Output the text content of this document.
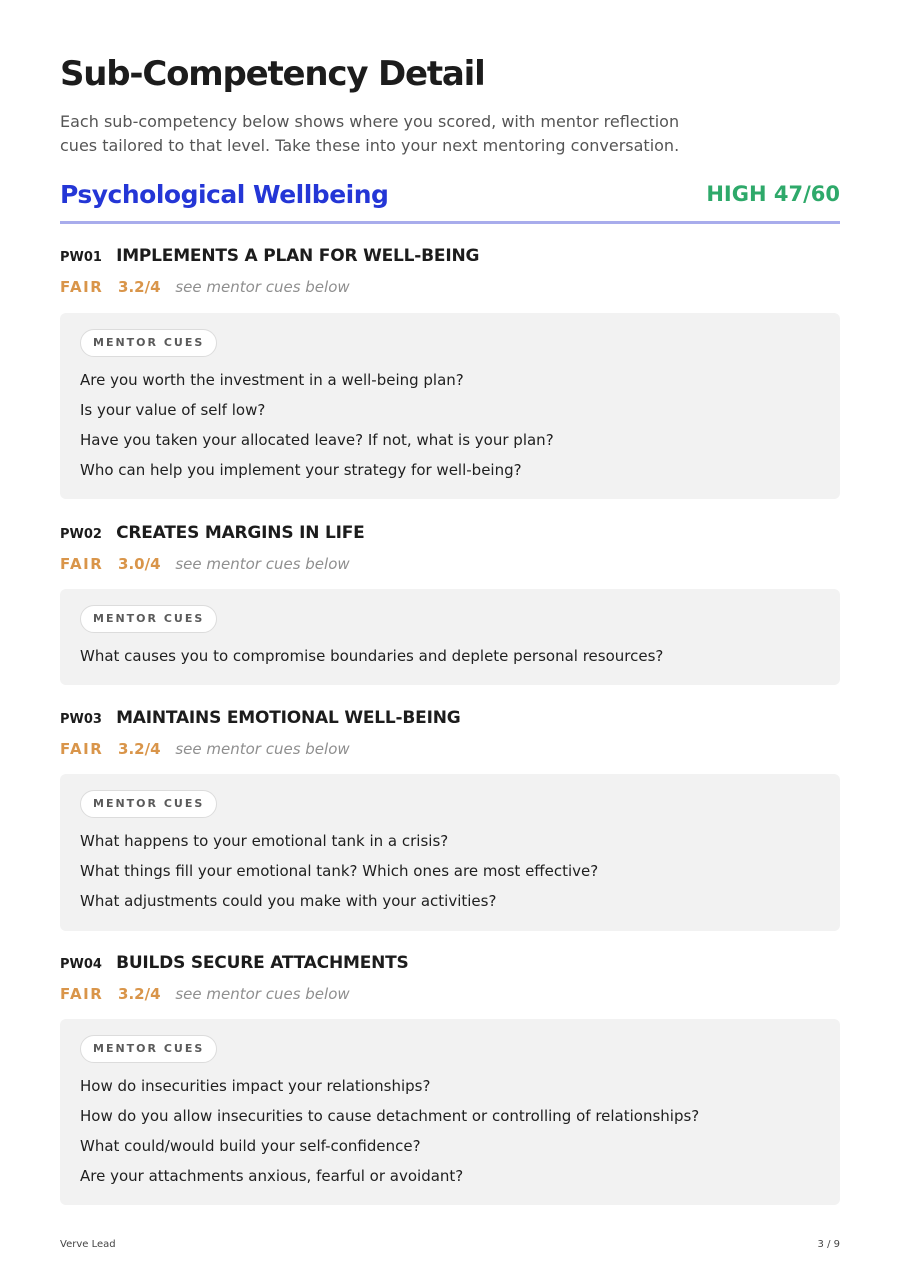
Sub-Competency Detail

Each sub-competency below shows where you scored, with mentor reflection cues tailored to that level. Take these into your next mentoring conversation.

Psychological Wellbeing	HIGH 47/60
PW01 IMPLEMENTS A PLAN FOR WELL-BEING
FAIR 3.2/4 see mentor cues below
MENTOR CUES
Are you worth the investment in a well-being plan?
Is your value of self low?
Have you taken your allocated leave? If not, what is your plan?
Who can help you implement your strategy for well-being?
PW02 CREATES MARGINS IN LIFE
FAIR 3.0/4 see mentor cues below
MENTOR CUES
What causes you to compromise boundaries and deplete personal resources?
PW03 MAINTAINS EMOTIONAL WELL-BEING
FAIR 3.2/4 see mentor cues below
MENTOR CUES
What happens to your emotional tank in a crisis?
What things fill your emotional tank? Which ones are most effective?
What adjustments could you make with your activities?
PW04 BUILDS SECURE ATTACHMENTS
FAIR 3.2/4 see mentor cues below
MENTOR CUES
How do insecurities impact your relationships?
How do you allow insecurities to cause detachment or controlling of relationships?
What could/would build your self-confidence?
Are your attachments anxious, fearful or avoidant?
Verve Lead	3 / 9
